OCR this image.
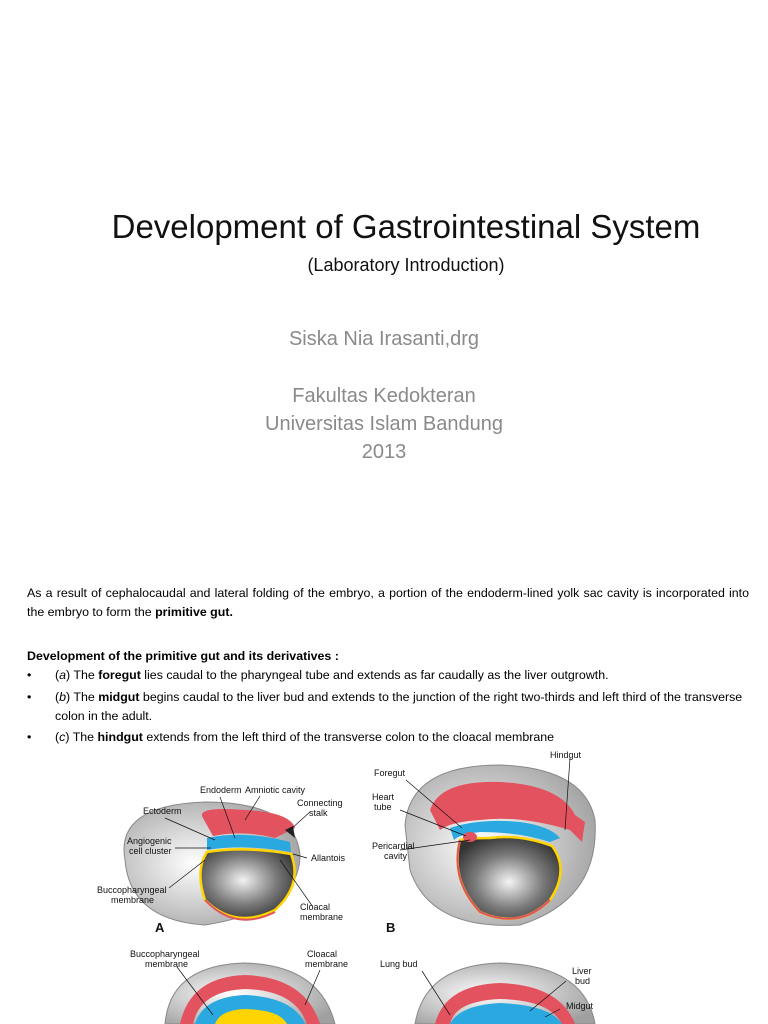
Development of Gastrointestinal System
(Laboratory Introduction)
Siska Nia Irasanti,drg
Fakultas Kedokteran
Universitas Islam Bandung
2013
As a result of cephalocaudal and lateral folding of the embryo, a portion of the endoderm-lined yolk sac cavity is incorporated into the embryo to form the primitive gut.
Development of the primitive gut and its derivatives :
• (a) The foregut lies caudal to the pharyngeal tube and extends as far caudally as the liver outgrowth.
• (b) The midgut begins caudal to the liver bud and extends to the junction of the right two-thirds and left third of the transverse colon in the adult.
• (c) The hindgut extends from the left third of the transverse colon to the cloacal membrane
Endoderm Amniotic cavity
Connecting
stalk
Ectoderm
Angiogenic
cell cluster
Allantois
Buccopharyngeal
membrane
Cloacal
membrane
A
Hindgut
Foregut
Heart
tube
Pericardial
cavity
B
Buccopharyngeal
membrane
Cloacal
membrane	Lung bud
Liver
bud
Midgut
